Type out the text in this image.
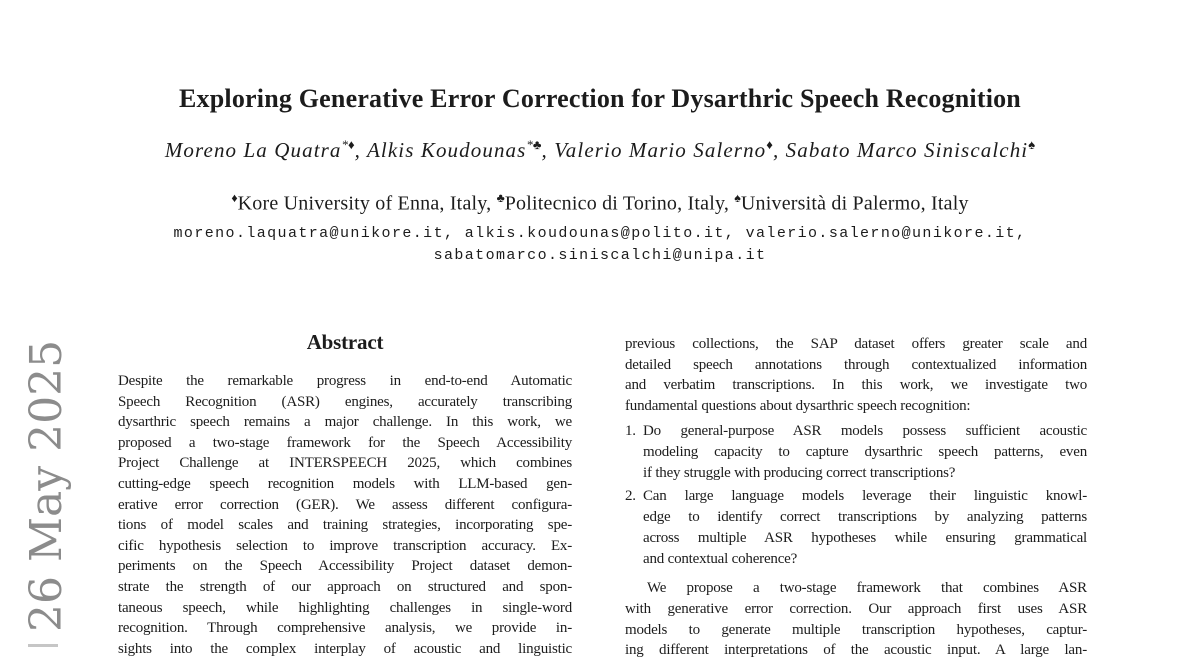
26 May 2025
Exploring Generative Error Correction for Dysarthric Speech Recognition
Moreno La Quatra*♦, Alkis Koudounas*♣, Valerio Mario Salerno♦, Sabato Marco Siniscalchi♠
♦Kore University of Enna, Italy, ♣Politecnico di Torino, Italy, ♠Università di Palermo, Italy
moreno.laquatra@unikore.it, alkis.koudounas@polito.it, valerio.salerno@unikore.it,
sabatomarco.siniscalchi@unipa.it
Abstract
Despite the remarkable progress in end-to-end Automatic
Speech Recognition (ASR) engines, accurately transcribing
dysarthric speech remains a major challenge. In this work, we
proposed a two-stage framework for the Speech Accessibility
Project Challenge at INTERSPEECH 2025, which combines
cutting-edge speech recognition models with LLM-based gen-
erative error correction (GER). We assess different configura-
tions of model scales and training strategies, incorporating spe-
cific hypothesis selection to improve transcription accuracy. Ex-
periments on the Speech Accessibility Project dataset demon-
strate the strength of our approach on structured and spon-
taneous speech, while highlighting challenges in single-word
recognition. Through comprehensive analysis, we provide in-
sights into the complex interplay of acoustic and linguistic
previous collections, the SAP dataset offers greater scale and
detailed speech annotations through contextualized information
and verbatim transcriptions. In this work, we investigate two
fundamental questions about dysarthric speech recognition:
1. Do general-purpose ASR models possess sufficient acoustic
modeling capacity to capture dysarthric speech patterns, even
if they struggle with producing correct transcriptions?
2. Can large language models leverage their linguistic knowl-
edge to identify correct transcriptions by analyzing patterns
across multiple ASR hypotheses while ensuring grammatical
and contextual coherence?
We propose a two-stage framework that combines ASR
with generative error correction. Our approach first uses ASR
models to generate multiple transcription hypotheses, captur-
ing different interpretations of the acoustic input. A large lan-
